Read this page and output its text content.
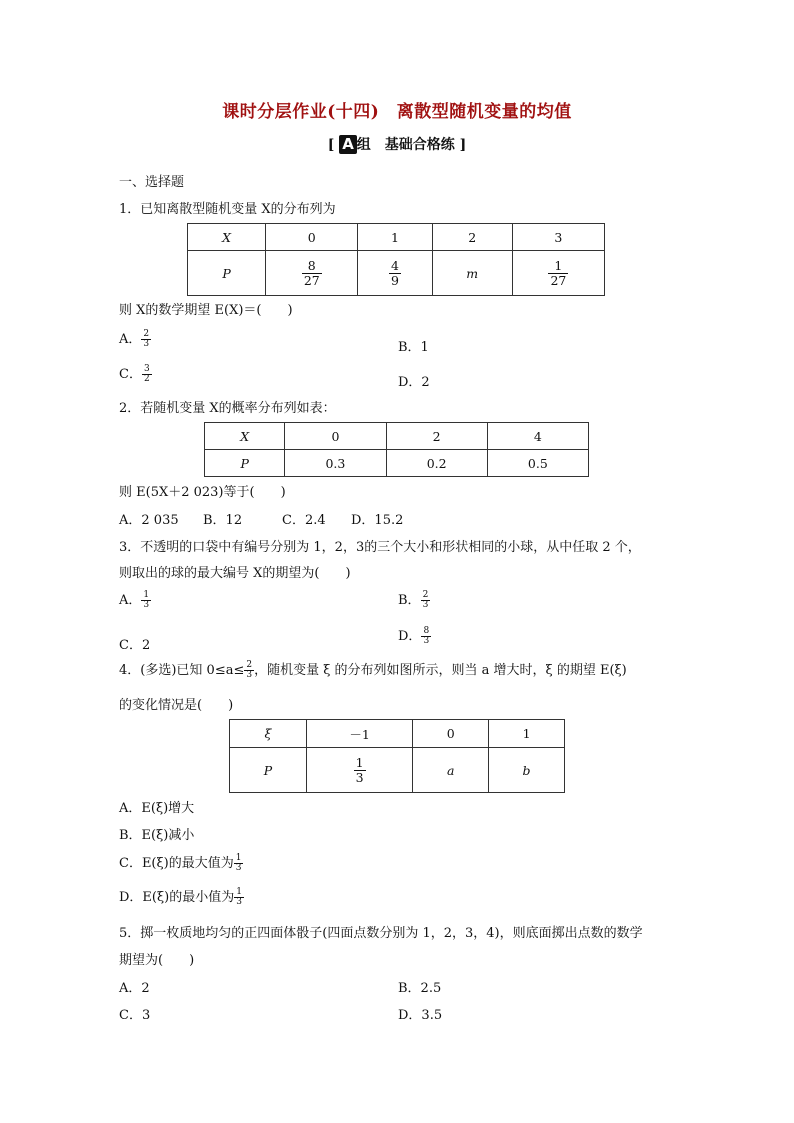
课时分层作业(十四)　离散型随机变量的均值
[ A 组　基础合格练 ]
一、选择题
1．已知离散型随机变量 X的分布列为
X	0	1	2	3
P	$\frac{8}{27}$	$\frac{4}{9}$	m	$\frac{1}{27}$
则 X的数学期望 E(X)＝(　　)
A． $\frac{2}{3}$	B．1
C． $\frac{3}{2}$	D．2
2．若随机变量 X的概率分布列如表：
X	0	2	4
P	0.3	0.2	0.5
则 E(5X＋2 023)等于(　　)
A．2 035 B．12	C．2.4 D．15.2
3．不透明的口袋中有编号分别为 1，2，3的三个大小和形状相同的小球，从中任取 2 个，
则取出的球的最大编号 X的期望为(　　)
A． $\frac{1}{3}$	B． $\frac{2}{3}$
C．2
D． $\frac{8}{3}$
4．(多选)已知 $0\le a\le \frac{2}{3}$ ，随机变量 ξ 的分布列如图所示，则当 a 增大时，ξ 的期望 E(ξ)
的变化情况是(　　)
ξ	－1	0	1
P	$\frac{1}{3}$	a	b
A．E(ξ)增大
B．E(ξ)减小
C．E(ξ)的最大值为 $\frac{1}{3}$
D．E(ξ)的最小值为 $\frac{1}{3}$
5．掷一枚质地均匀的正四面体骰子(四面点数分别为 1，2，3，4)，则底面掷出点数的数学
期望为(　　)
A．2	B．2.5
C．3	D．3.5
